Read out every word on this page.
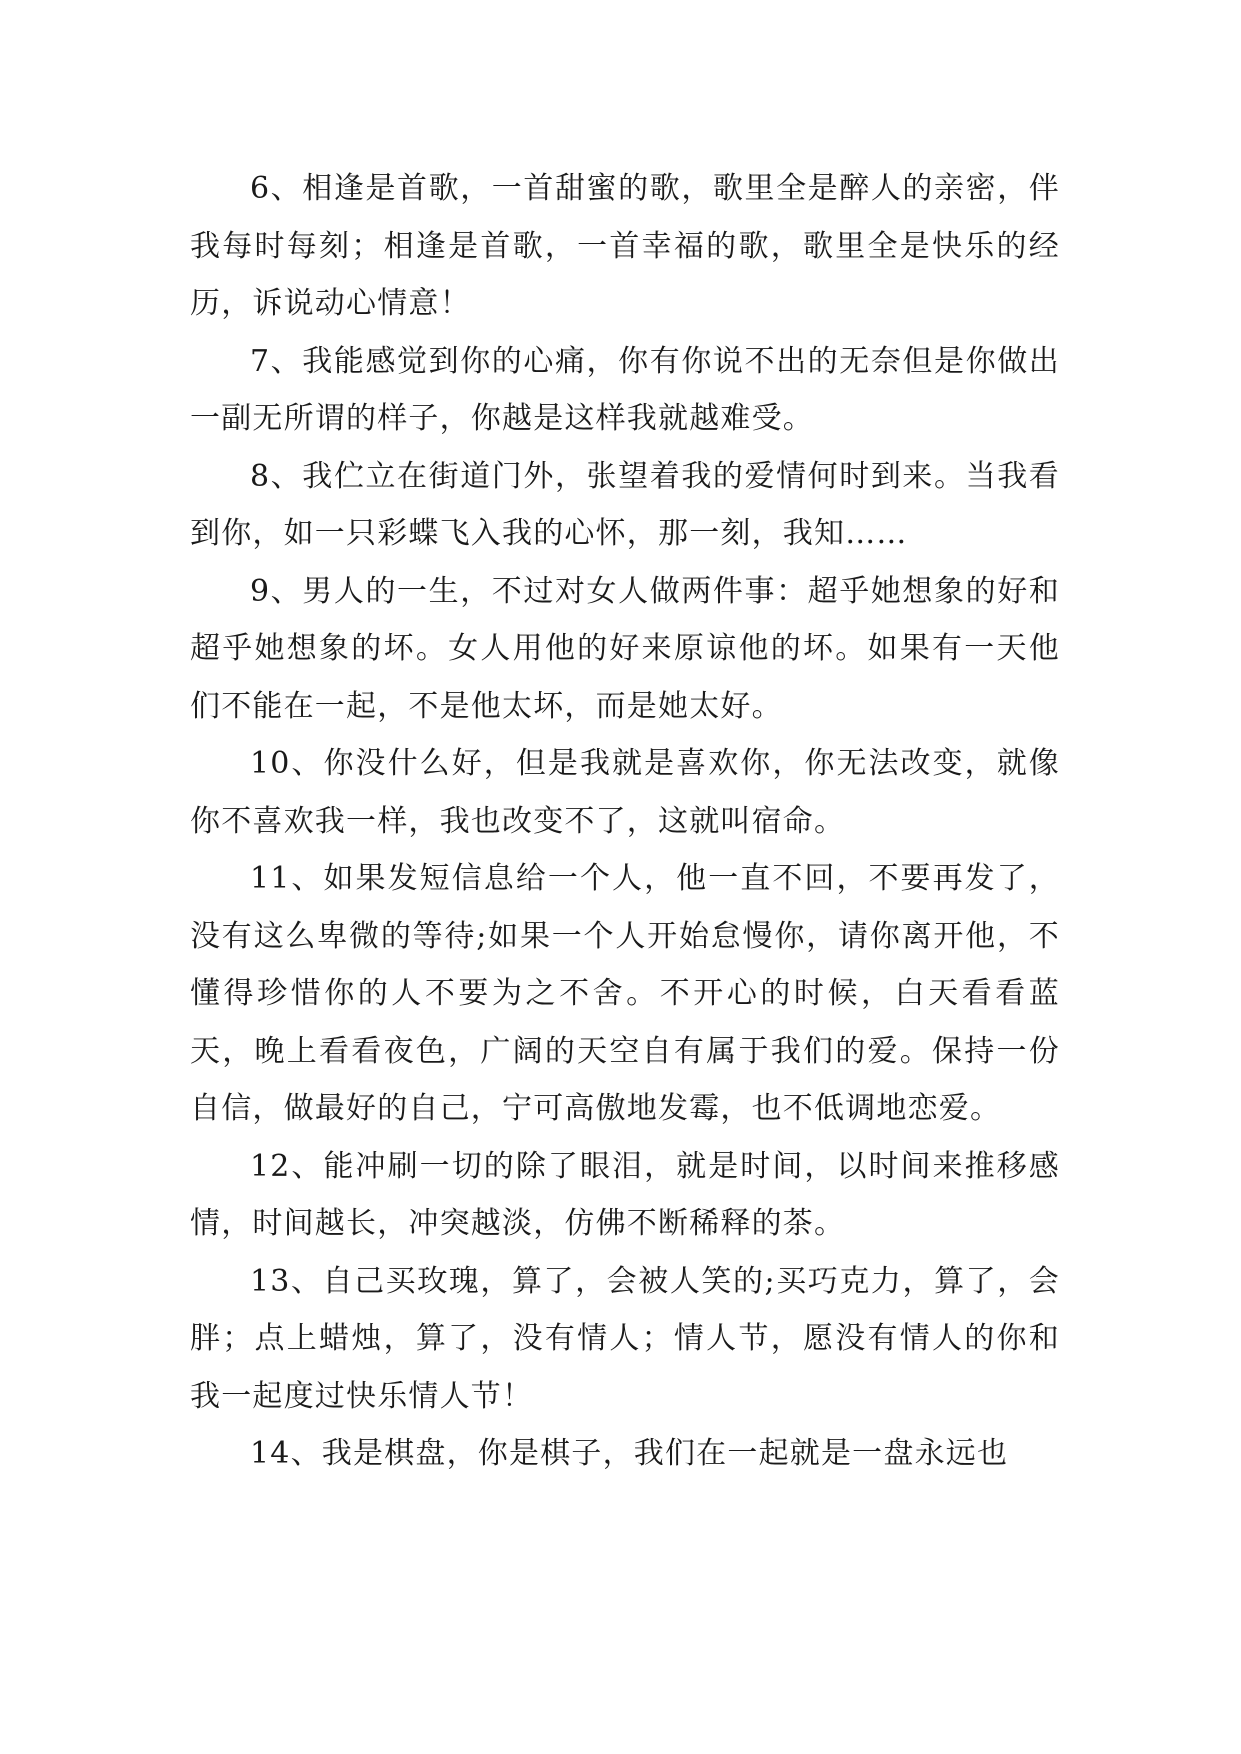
6、相逢是首歌，一首甜蜜的歌，歌里全是醉人的亲密，伴我每时每刻；相逢是首歌，一首幸福的歌，歌里全是快乐的经历，诉说动心情意！

7、我能感觉到你的心痛，你有你说不出的无奈但是你做出一副无所谓的样子，你越是这样我就越难受。

8、我伫立在街道门外，张望着我的爱情何时到来。当我看到你，如一只彩蝶飞入我的心怀，那一刻，我知……

9、男人的一生，不过对女人做两件事：超乎她想象的好和超乎她想象的坏。女人用他的好来原谅他的坏。如果有一天他们不能在一起，不是他太坏，而是她太好。

10、你没什么好，但是我就是喜欢你，你无法改变，就像你不喜欢我一样，我也改变不了，这就叫宿命。

11、如果发短信息给一个人，他一直不回，不要再发了，没有这么卑微的等待;如果一个人开始怠慢你，请你离开他，不懂得珍惜你的人不要为之不舍。不开心的时候，白天看看蓝天，晚上看看夜色，广阔的天空自有属于我们的爱。保持一份自信，做最好的自己，宁可高傲地发霉，也不低调地恋爱。

12、能冲刷一切的除了眼泪，就是时间，以时间来推移感情，时间越长，冲突越淡，仿佛不断稀释的茶。

13、自己买玫瑰，算了，会被人笑的;买巧克力，算了，会胖；点上蜡烛，算了，没有情人；情人节，愿没有情人的你和我一起度过快乐情人节！

14、我是棋盘，你是棋子，我们在一起就是一盘永远也
